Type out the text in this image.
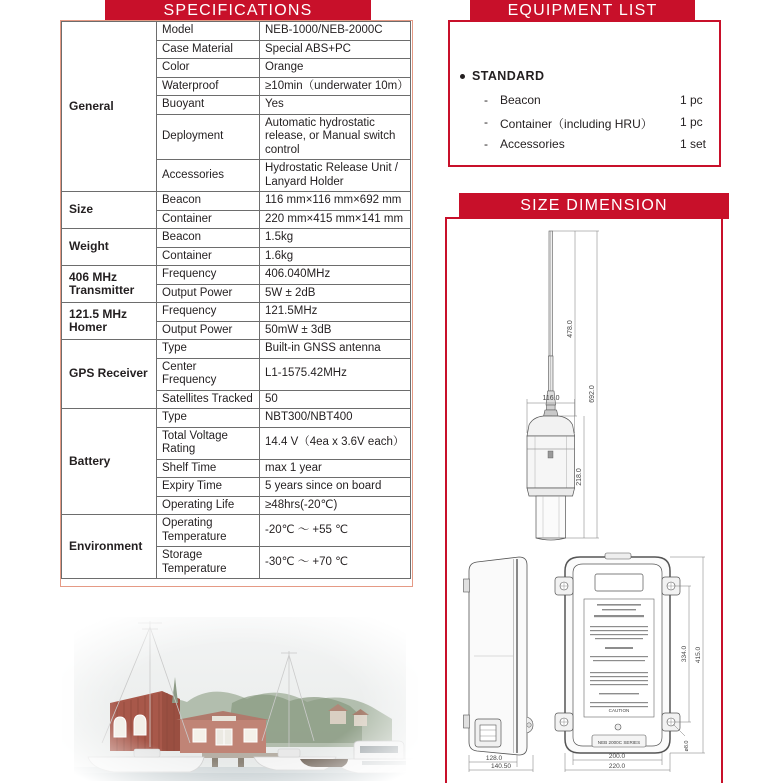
SPECIFICATIONS	EQUIPMENT LIST
SIZE DIMENSION
General	Model	NEB-1000/NEB-2000C
	Case Material	Special ABS+PC
	Color	Orange
	Waterproof	≥10min（underwater 10m）
	Buoyant	Yes
	Deployment	Automatic hydrostatic release, or Manual switch control
	Accessories	Hydrostatic Release Unit / Lanyard Holder
Size	Beacon	116 mm×116 mm×692 mm
	Container	220 mm×415 mm×141 mm
Weight	Beacon	1.5kg
	Container	1.6kg
406 MHz Transmitter	Frequency	406.040MHz
	Output Power	5W ± 2dB
121.5 MHz Homer	Frequency	121.5MHz
	Output Power	50mW ± 3dB
GPS Receiver	Type	Built-in GNSS antenna
	Center Frequency	L1-1575.42MHz
	Satellites Tracked	50
Battery	Type	NBT300/NBT400
	Total Voltage Rating	14.4 V（4ea x 3.6V each）
	Shelf Time	max 1 year
	Expiry Time	5 years since on board
	Operating Life	≥48hrs(-20℃)
Environment	Operating Temperature	-20℃ ～ +55 ℃
	Storage Temperature	-30℃ ～ +70 ℃
STANDARD
- Beacon	1 pc
- Container（including HRU） 1 pc
- Accessories	1 set
692.0
478.0
116.0
218.0
CAUTION
NEB 2000C SERIES
128.0
140.50
200.0
220.0
334.0 415.0
ø8.0
